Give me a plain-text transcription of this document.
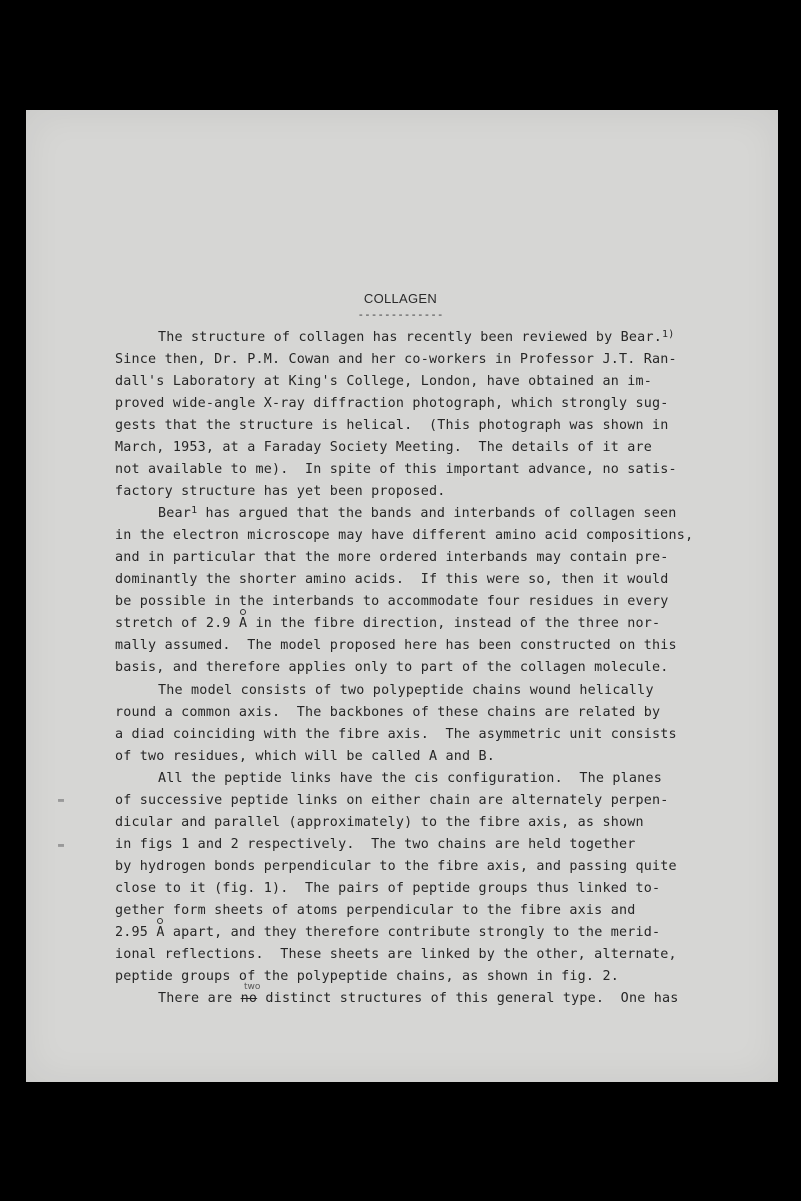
COLLAGEN
-------------
The structure of collagen has recently been reviewed by Bear.$^{1)}$
Since then, Dr. P.M. Cowan and her co-workers in Professor J.T. Ran-
dall's Laboratory at King's College, London, have obtained an im-
proved wide-angle X-ray diffraction photograph, which strongly sug-
gests that the structure is helical.  (This photograph was shown in
March, 1953, at a Faraday Society Meeting.  The details of it are
not available to me).  In spite of this important advance, no satis-
factory structure has yet been proposed.
Bear$^1$ has argued that the bands and interbands of collagen seen
in the electron microscope may have different amino acid compositions,
and in particular that the more ordered interbands may contain pre-
dominantly the shorter amino acids.  If this were so, then it would
be possible in the interbands to accommodate four residues in every
stretch of 2.9 A in the fibre direction, instead of the three nor-
mally assumed.  The model proposed here has been constructed on this
basis, and therefore applies only to part of the collagen molecule.
The model consists of two polypeptide chains wound helically
round a common axis.  The backbones of these chains are related by
a diad coinciding with the fibre axis.  The asymmetric unit consists
of two residues, which will be called A and B.
All the peptide links have the cis configuration.  The planes
of successive peptide links on either chain are alternately perpen-
dicular and parallel (approximately) to the fibre axis, as shown
in figs 1 and 2 respectively.  The two chains are held together
by hydrogen bonds perpendicular to the fibre axis, and passing quite
close to it (fig. 1).  The pairs of peptide groups thus linked to-
gether form sheets of atoms perpendicular to the fibre axis and
2.95 A apart, and they therefore contribute strongly to the merid-
ional reflections.  These sheets are linked by the other, alternate,
peptide groups of the polypeptide chains, as shown in fig. 2.
two
There are no distinct structures of this general type.  One has
▬
▬
